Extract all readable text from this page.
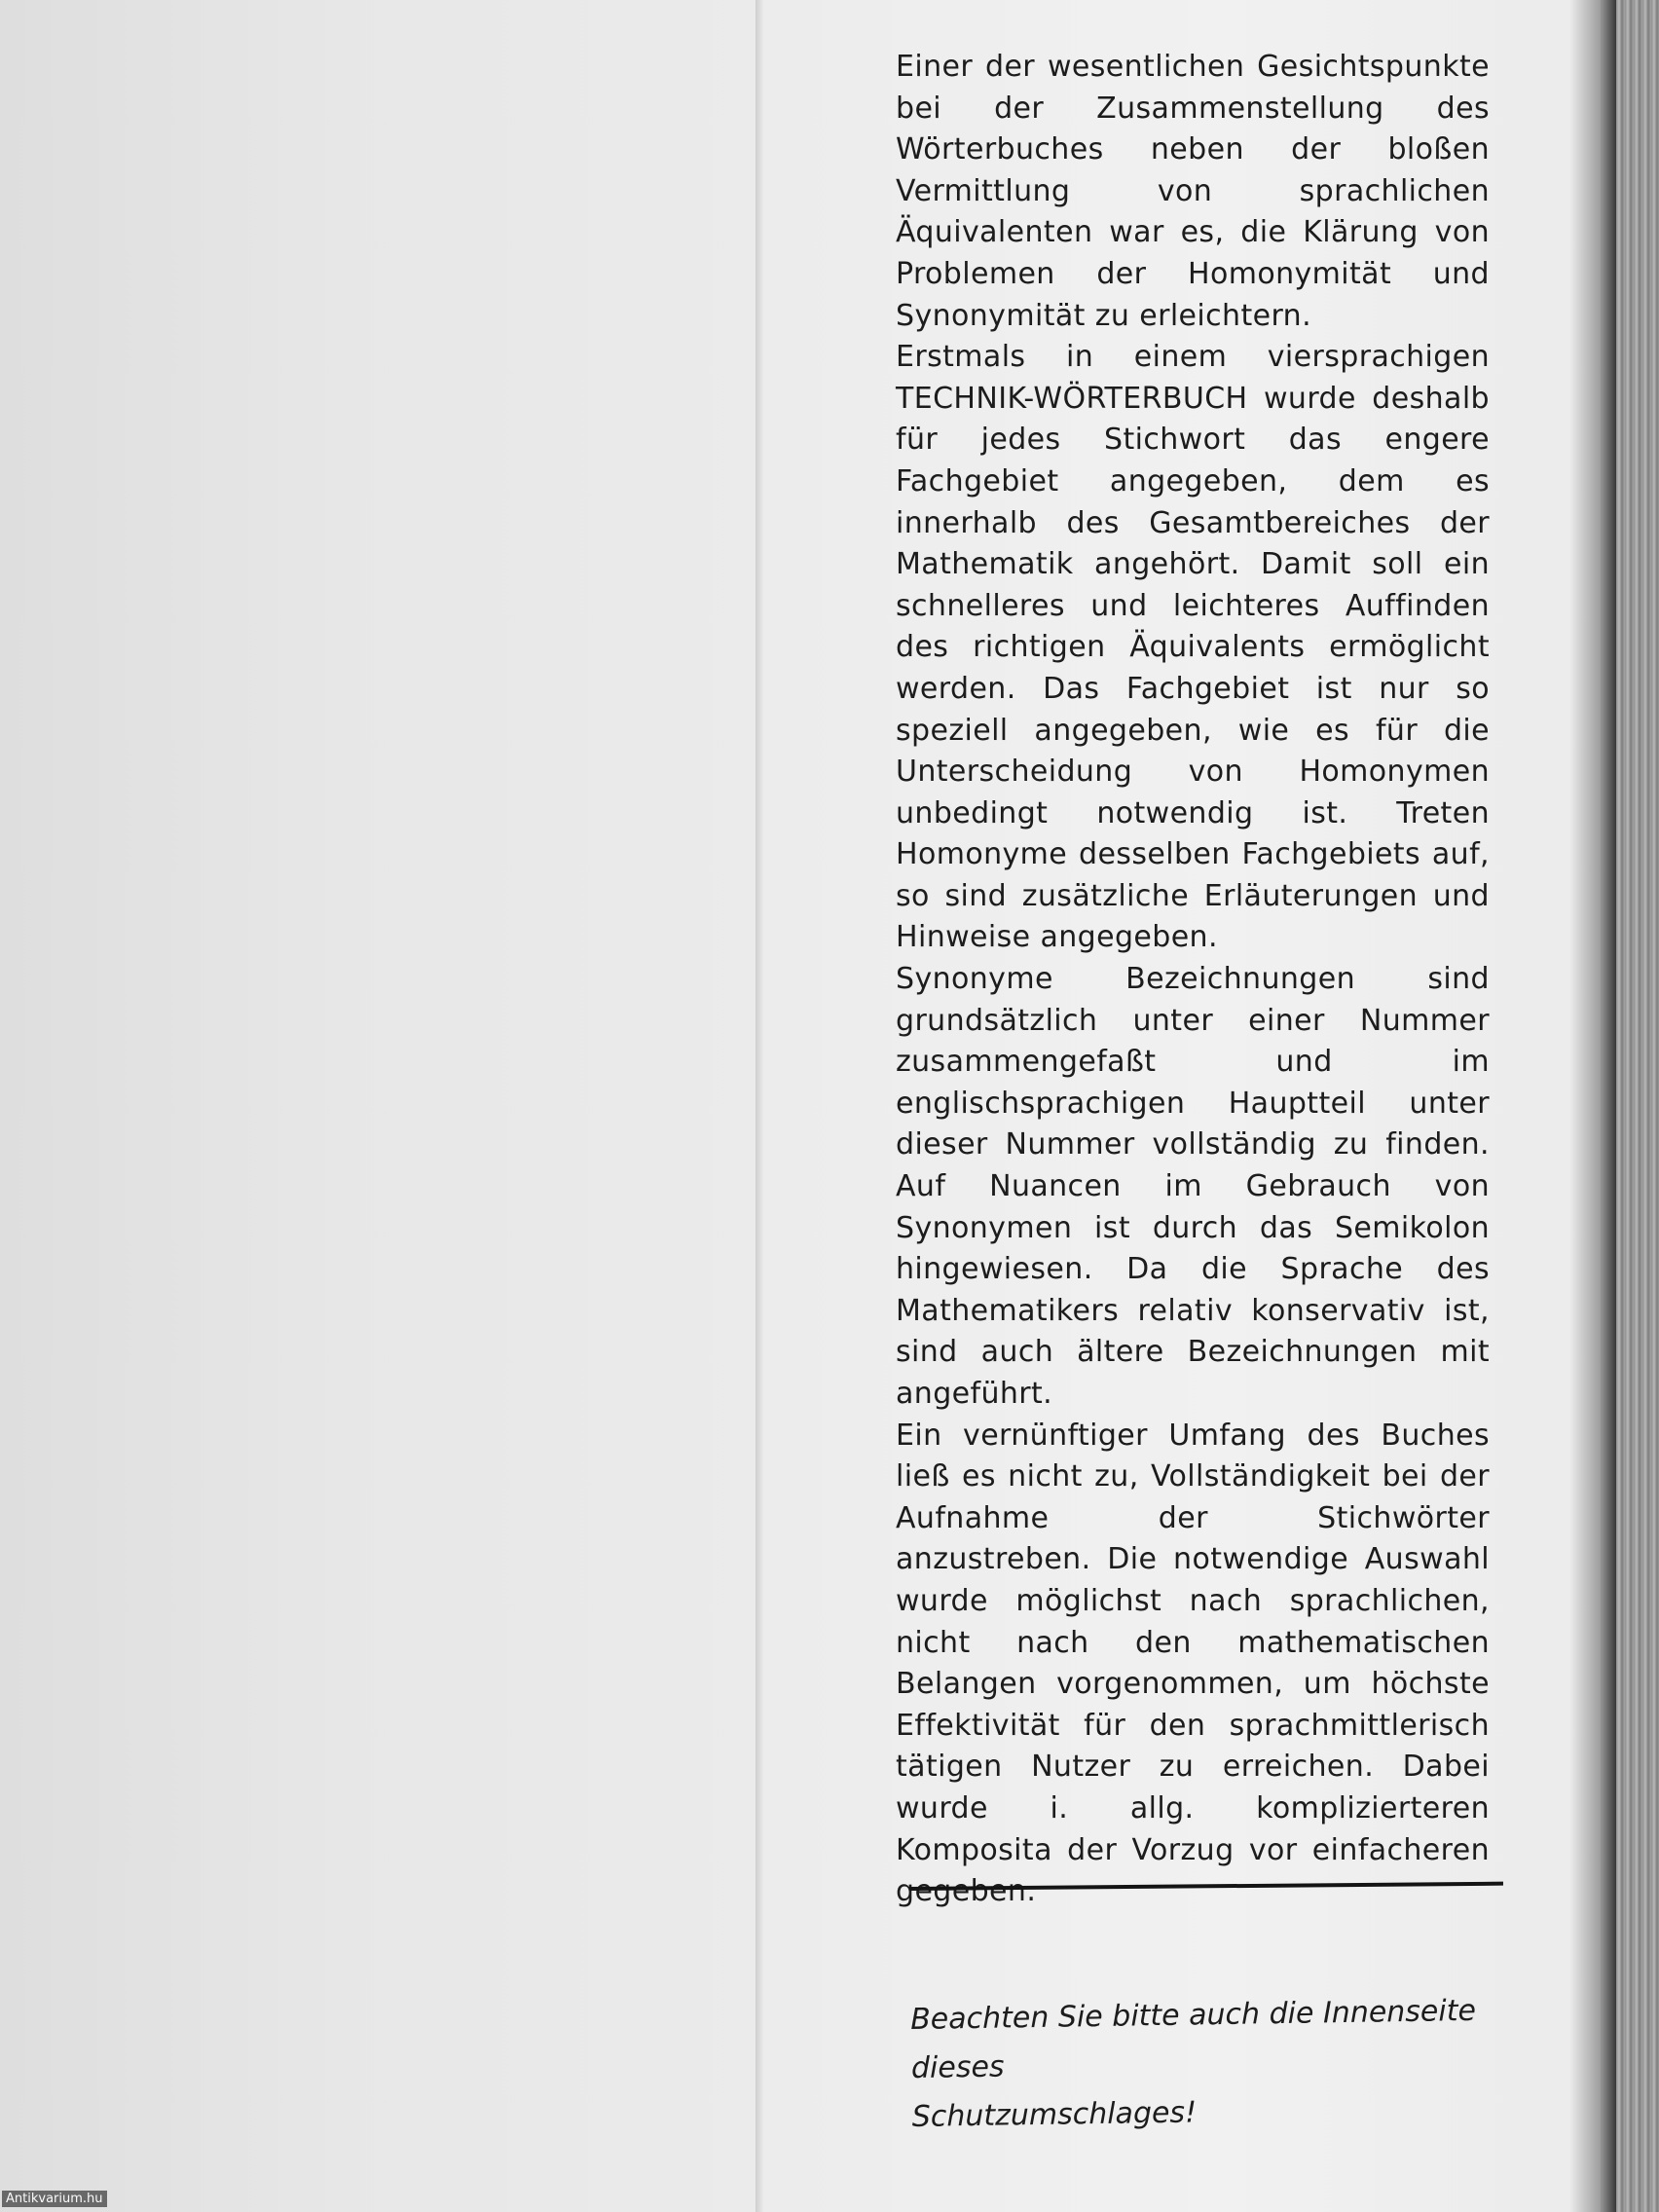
Einer der wesentlichen Gesichtspunkte bei der Zusammenstellung des Wörterbuches neben der bloßen Vermittlung von sprachlichen Äquivalenten war es, die Klärung von Problemen der Homonymität und Synonymität zu erleichtern.

Erstmals in einem viersprachigen TECHNIK-WÖRTERBUCH wurde deshalb für jedes Stichwort das engere Fachgebiet angegeben, dem es innerhalb des Gesamtbereiches der Mathematik angehört. Damit soll ein schnelleres und leichteres Auffinden des richtigen Äquivalents ermöglicht werden. Das Fachgebiet ist nur so speziell angegeben, wie es für die Unterscheidung von Homonymen unbedingt notwendig ist. Treten Homonyme desselben Fachgebiets auf, so sind zusätzliche Erläuterungen und Hinweise angegeben.

Synonyme Bezeichnungen sind grundsätzlich unter einer Nummer zusammengefaßt und im englischsprachigen Hauptteil unter dieser Nummer vollständig zu finden. Auf Nuancen im Gebrauch von Synonymen ist durch das Semikolon hingewiesen. Da die Sprache des Mathematikers relativ konservativ ist, sind auch ältere Bezeichnungen mit angeführt.

Ein vernünftiger Umfang des Buches ließ es nicht zu, Vollständigkeit bei der Aufnahme der Stichwörter anzustreben. Die notwendige Auswahl wurde möglichst nach sprachlichen, nicht nach den mathematischen Belangen vorgenommen, um höchste Effektivität für den sprachmittlerisch tätigen Nutzer zu erreichen. Dabei wurde i. allg. komplizierteren Komposita der Vorzug vor einfacheren gegeben.

Beachten Sie bitte auch die Innenseite dieses

Schutzumschlages!

Antikvarium.hu
